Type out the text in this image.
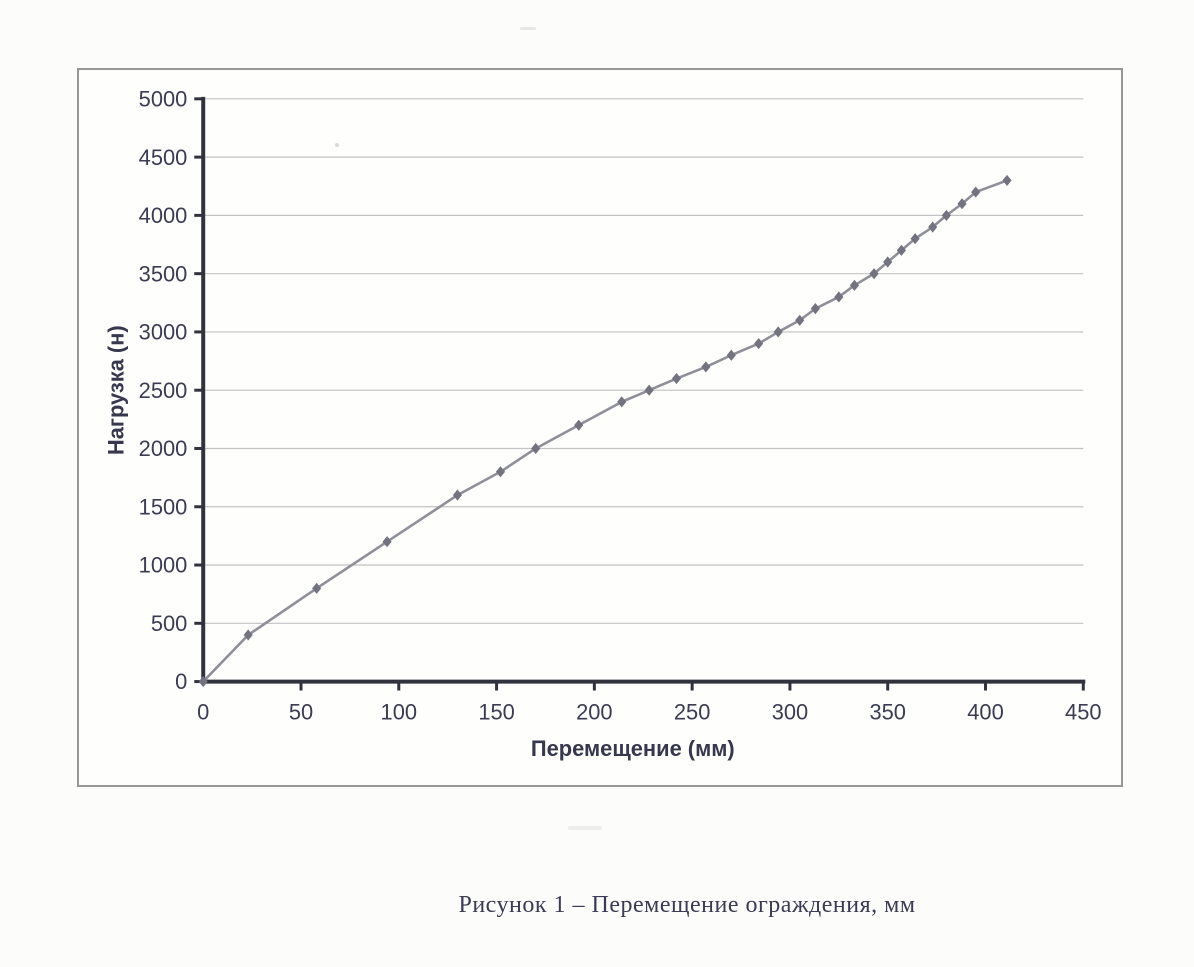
0
500
1000
1500
2000
2500
3000
3500
4000
4500
5000
0	50	100	150	200	250	300	350	400	450
Нагрузка (н)
Перемещение (мм)
Рисунок 1 – Перемещение ограждения, мм
